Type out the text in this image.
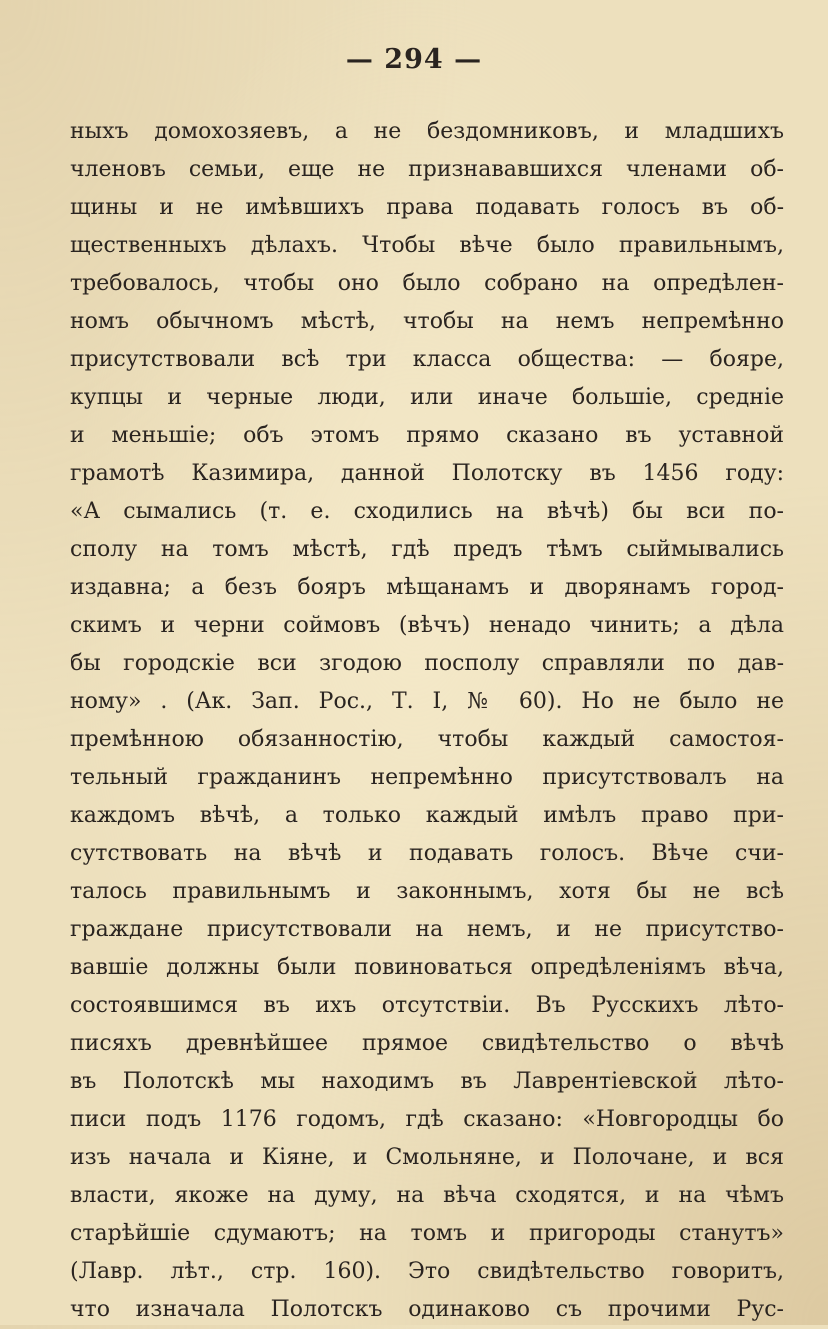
— 294 —
ныхъ домохозяевъ, а не бездомниковъ, и младшихъ
членовъ семьи, еще не признававшихся членами об-
щины и не имѣвшихъ права подавать голосъ въ об-
щественныхъ дѣлахъ. Чтобы вѣче было правильнымъ,
требовалось, чтобы оно было собрано на опредѣлен-
номъ обычномъ мѣстѣ, чтобы на немъ непремѣнно
присутствовали всѣ три класса общества: — бояре,
купцы и черные люди, или иначе большіе, средніе
и меньшіе; объ этомъ прямо сказано въ уставной
грамотѣ Казимира, данной Полотску въ 1456 году:
«А сымались (т. е. сходились на вѣчѣ) бы вси по-
сполу на томъ мѣстѣ, гдѣ предъ тѣмъ сыймывались
издавна; а безъ бояръ мѣщанамъ и дворянамъ город-
скимъ и черни соймовъ (вѣчъ) ненадо чинить; а дѣла
бы городскіе вси згодою посполу справляли по дав-
ному» . (Ак. Зап. Рос., Т. I, № 60). Но не было не
премѣнною обязанностію, чтобы каждый самостоя-
тельный гражданинъ непремѣнно присутствовалъ на
каждомъ вѣчѣ, а только каждый имѣлъ право при-
сутствовать на вѣчѣ и подавать голосъ. Вѣче счи-
талось правильнымъ и законнымъ, хотя бы не всѣ
граждане присутствовали на немъ, и не присутство-
вавшіе должны были повиноваться опредѣленіямъ вѣча,
состоявшимся въ ихъ отсутствіи. Въ Русскихъ лѣто-
писяхъ древнѣйшее прямое свидѣтельство о вѣчѣ
въ Полотскѣ мы находимъ въ Лаврентіевской лѣто-
писи подъ 1176 годомъ, гдѣ сказано: «Новгородцы бо
изъ начала и Кіяне, и Смольняне, и Полочане, и вся
власти, якоже на думу, на вѣча сходятся, и на чѣмъ
старѣйшіе сдумаютъ; на томъ и пригороды станутъ»
(Лавр. лѣт., стр. 160). Это свидѣтельство говоритъ,
что изначала Полотскъ одинаково съ прочими Рус-
